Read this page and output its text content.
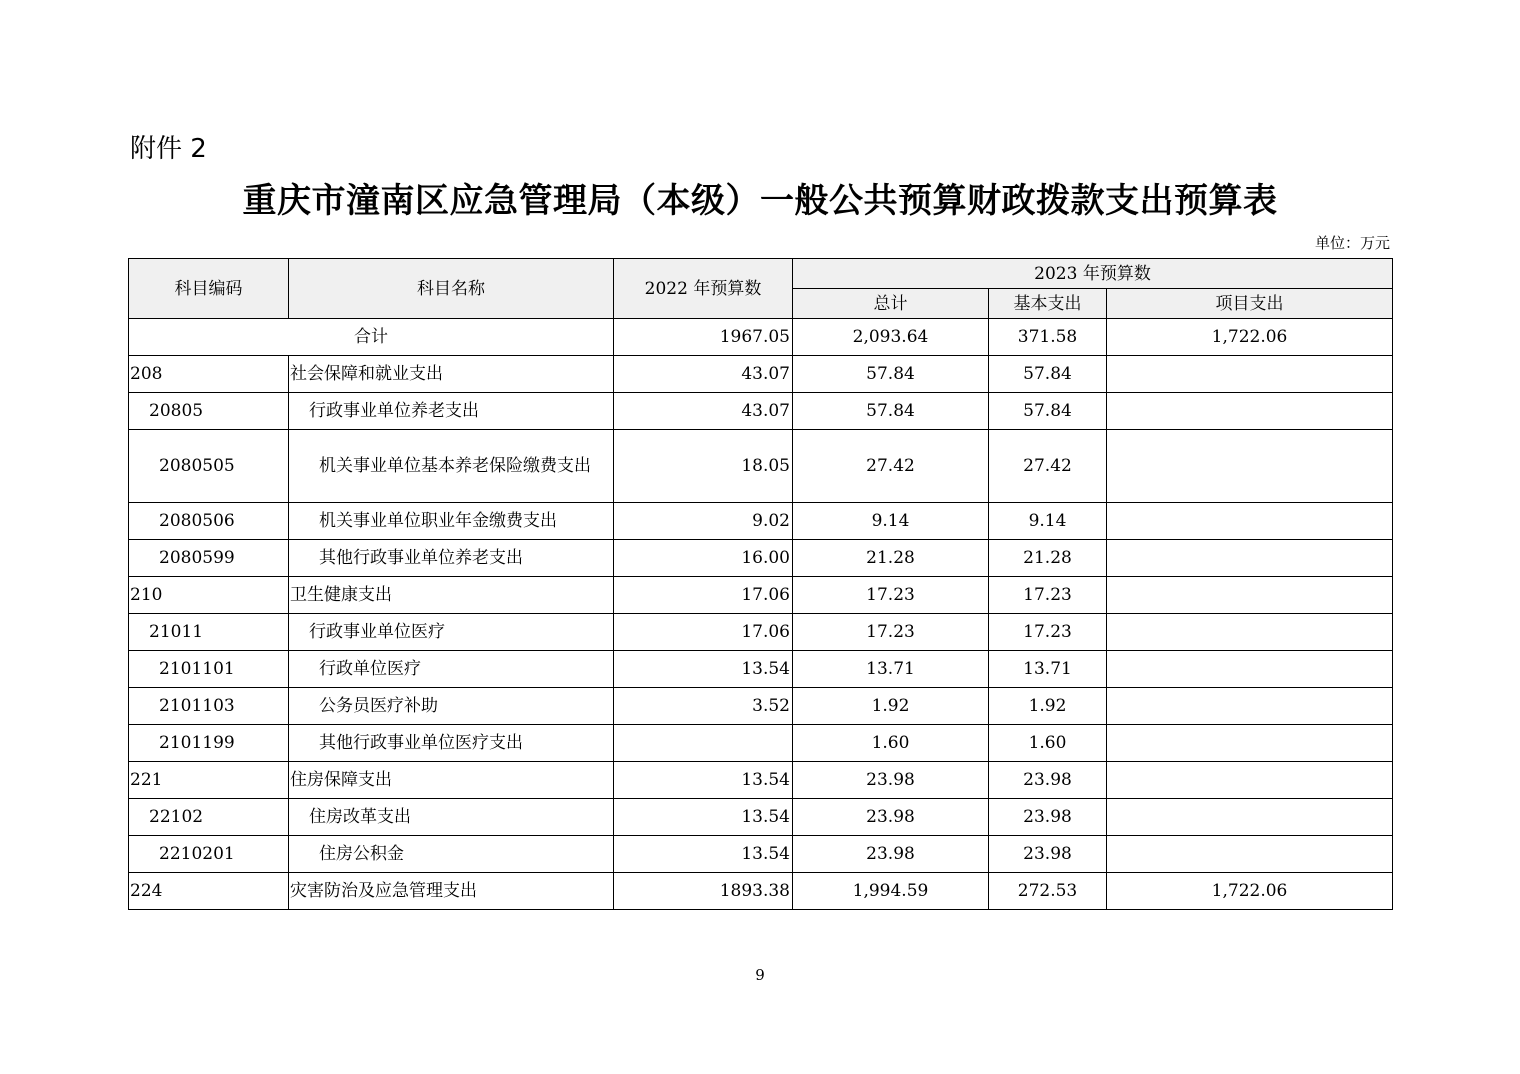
附件 2
重庆市潼南区应急管理局（本级）一般公共预算财政拨款支出预算表
单位：万元
科目编码	科目名称	2022 年预算数	2023 年预算数		
			总计	基本支出	项目支出
合计		1967.05	2,093.64	371.58	1,722.06
208	社会保障和就业支出	43.07	57.84	57.84	
20805	行政事业单位养老支出	43.07	57.84	57.84	
2080505	机关事业单位基本养老保险缴费支出	18.05	27.42	27.42	
2080506	机关事业单位职业年金缴费支出	9.02	9.14	9.14	
2080599	其他行政事业单位养老支出	16.00	21.28	21.28	
210	卫生健康支出	17.06	17.23	17.23	
21011	行政事业单位医疗	17.06	17.23	17.23	
2101101	行政单位医疗	13.54	13.71	13.71	
2101103	公务员医疗补助	3.52	1.92	1.92	
2101199	其他行政事业单位医疗支出		1.60	1.60	
221	住房保障支出	13.54	23.98	23.98	
22102	住房改革支出	13.54	23.98	23.98	
2210201	住房公积金	13.54	23.98	23.98	
224	灾害防治及应急管理支出	1893.38	1,994.59	272.53	1,722.06
9
